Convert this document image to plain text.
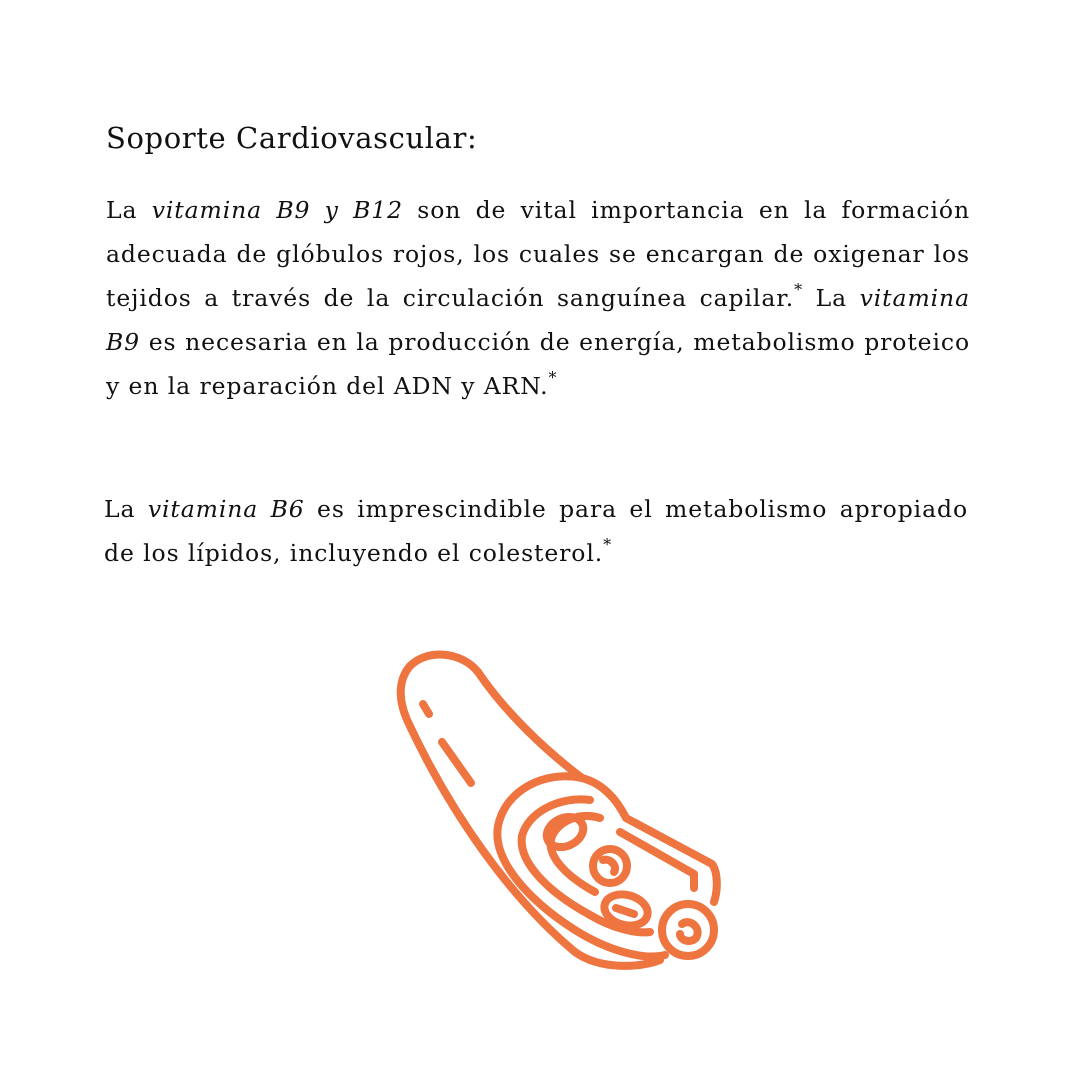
Soporte Cardiovascular:

La vitamina B9 y B12 son de vital importancia en la formación adecuada de glóbulos rojos, los cuales se encargan de oxigenar los tejidos a través de la circulación sanguínea capilar.* La vitamina B9 es necesaria en la producción de energía, metabolismo proteico y en la reparación del ADN y ARN.*

La vitamina B6 es imprescindible para el metabolismo apropiado de los lípidos, incluyendo el colesterol.*
